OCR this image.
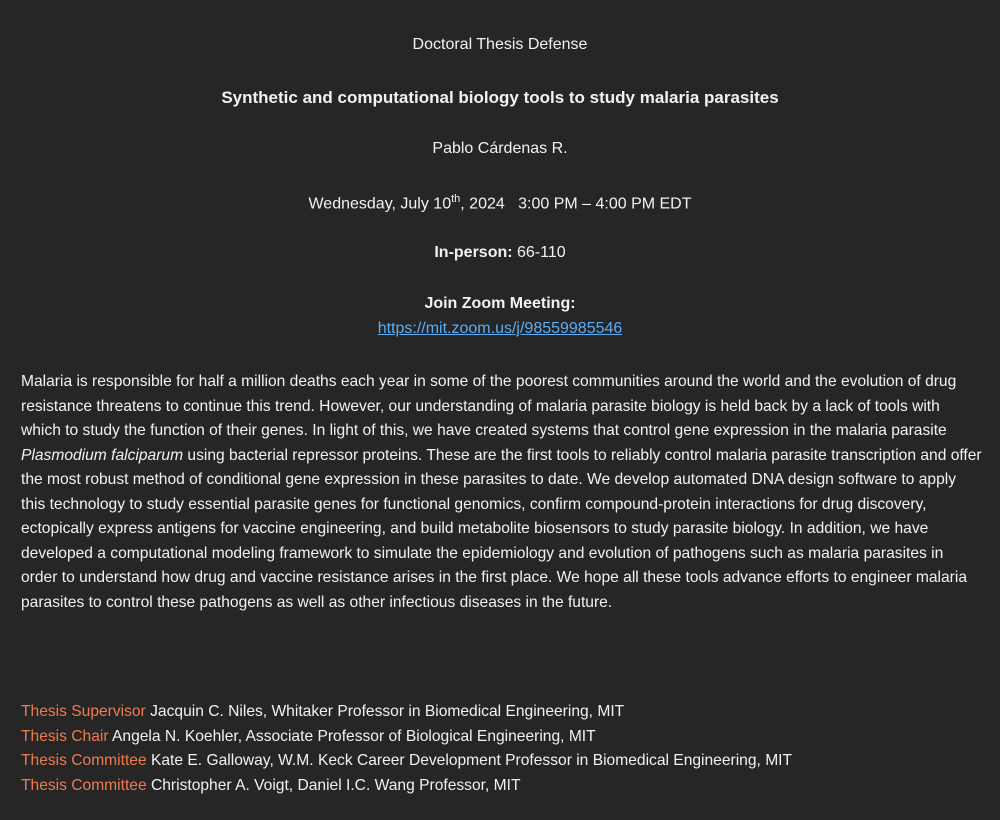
Doctoral Thesis Defense
Synthetic and computational biology tools to study malaria parasites
Pablo Cárdenas R.
Wednesday, July 10th, 2024   3:00 PM – 4:00 PM EDT
In-person: 66-110
Join Zoom Meeting:
https://mit.zoom.us/j/98559985546
Malaria is responsible for half a million deaths each year in some of the poorest communities around the world and the evolution of drug resistance threatens to continue this trend. However, our understanding of malaria parasite biology is held back by a lack of tools with which to study the function of their genes. In light of this, we have created systems that control gene expression in the malaria parasite Plasmodium falciparum using bacterial repressor proteins. These are the first tools to reliably control malaria parasite transcription and offer the most robust method of conditional gene expression in these parasites to date. We develop automated DNA design software to apply this technology to study essential parasite genes for functional genomics, confirm compound-protein interactions for drug discovery, ectopically express antigens for vaccine engineering, and build metabolite biosensors to study parasite biology. In addition, we have developed a computational modeling framework to simulate the epidemiology and evolution of pathogens such as malaria parasites in order to understand how drug and vaccine resistance arises in the first place. We hope all these tools advance efforts to engineer malaria parasites to control these pathogens as well as other infectious diseases in the future.
Thesis Supervisor Jacquin C. Niles, Whitaker Professor in Biomedical Engineering, MIT
Thesis Chair Angela N. Koehler, Associate Professor of Biological Engineering, MIT
Thesis Committee Kate E. Galloway, W.M. Keck Career Development Professor in Biomedical Engineering, MIT
Thesis Committee Christopher A. Voigt, Daniel I.C. Wang Professor, MIT
